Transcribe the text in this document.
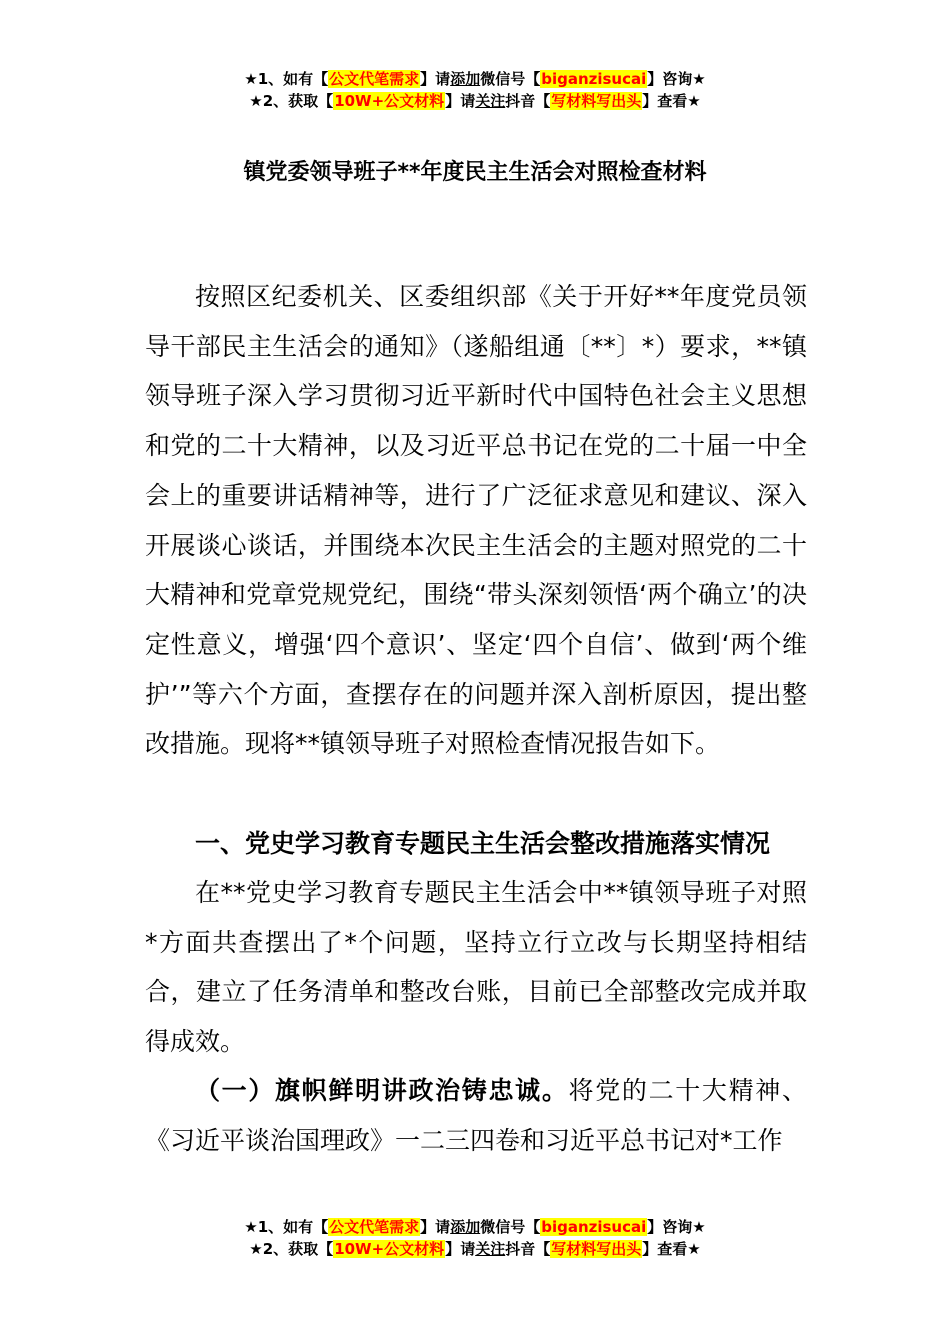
★1、如有【公文代笔需求】请添加微信号【biganzisucai】咨询★
★2、获取【10W+公文材料】请关注抖音【写材料写出头】查看★
镇党委领导班子**年度民主生活会对照检查材料

按照区纪委机关、区委组织部《关于开好**年度党员领导干部民主生活会的通知》（遂船组通〔**〕*）要求，**镇领导班子深入学习贯彻习近平新时代中国特色社会主义思想和党的二十大精神，以及习近平总书记在党的二十届一中全会上的重要讲话精神等，进行了广泛征求意见和建议、深入开展谈心谈话，并围绕本次民主生活会的主题对照党的二十大精神和党章党规党纪，围绕“带头深刻领悟‘两个确立’的决定性意义，增强‘四个意识’、坚定‘四个自信’、做到‘两个维护’”等六个方面，查摆存在的问题并深入剖析原因，提出整改措施。现将**镇领导班子对照检查情况报告如下。

一、党史学习教育专题民主生活会整改措施落实情况

在**党史学习教育专题民主生活会中**镇领导班子对照*方面共查摆出了*个问题，坚持立行立改与长期坚持相结合，建立了任务清单和整改台账，目前已全部整改完成并取得成效。

（一）旗帜鲜明讲政治铸忠诚。将党的二十大精神、《习近平谈治国理政》一二三四卷和习近平总书记对*工作

★1、如有【公文代笔需求】请添加微信号【biganzisucai】咨询★
★2、获取【10W+公文材料】请关注抖音【写材料写出头】查看★
